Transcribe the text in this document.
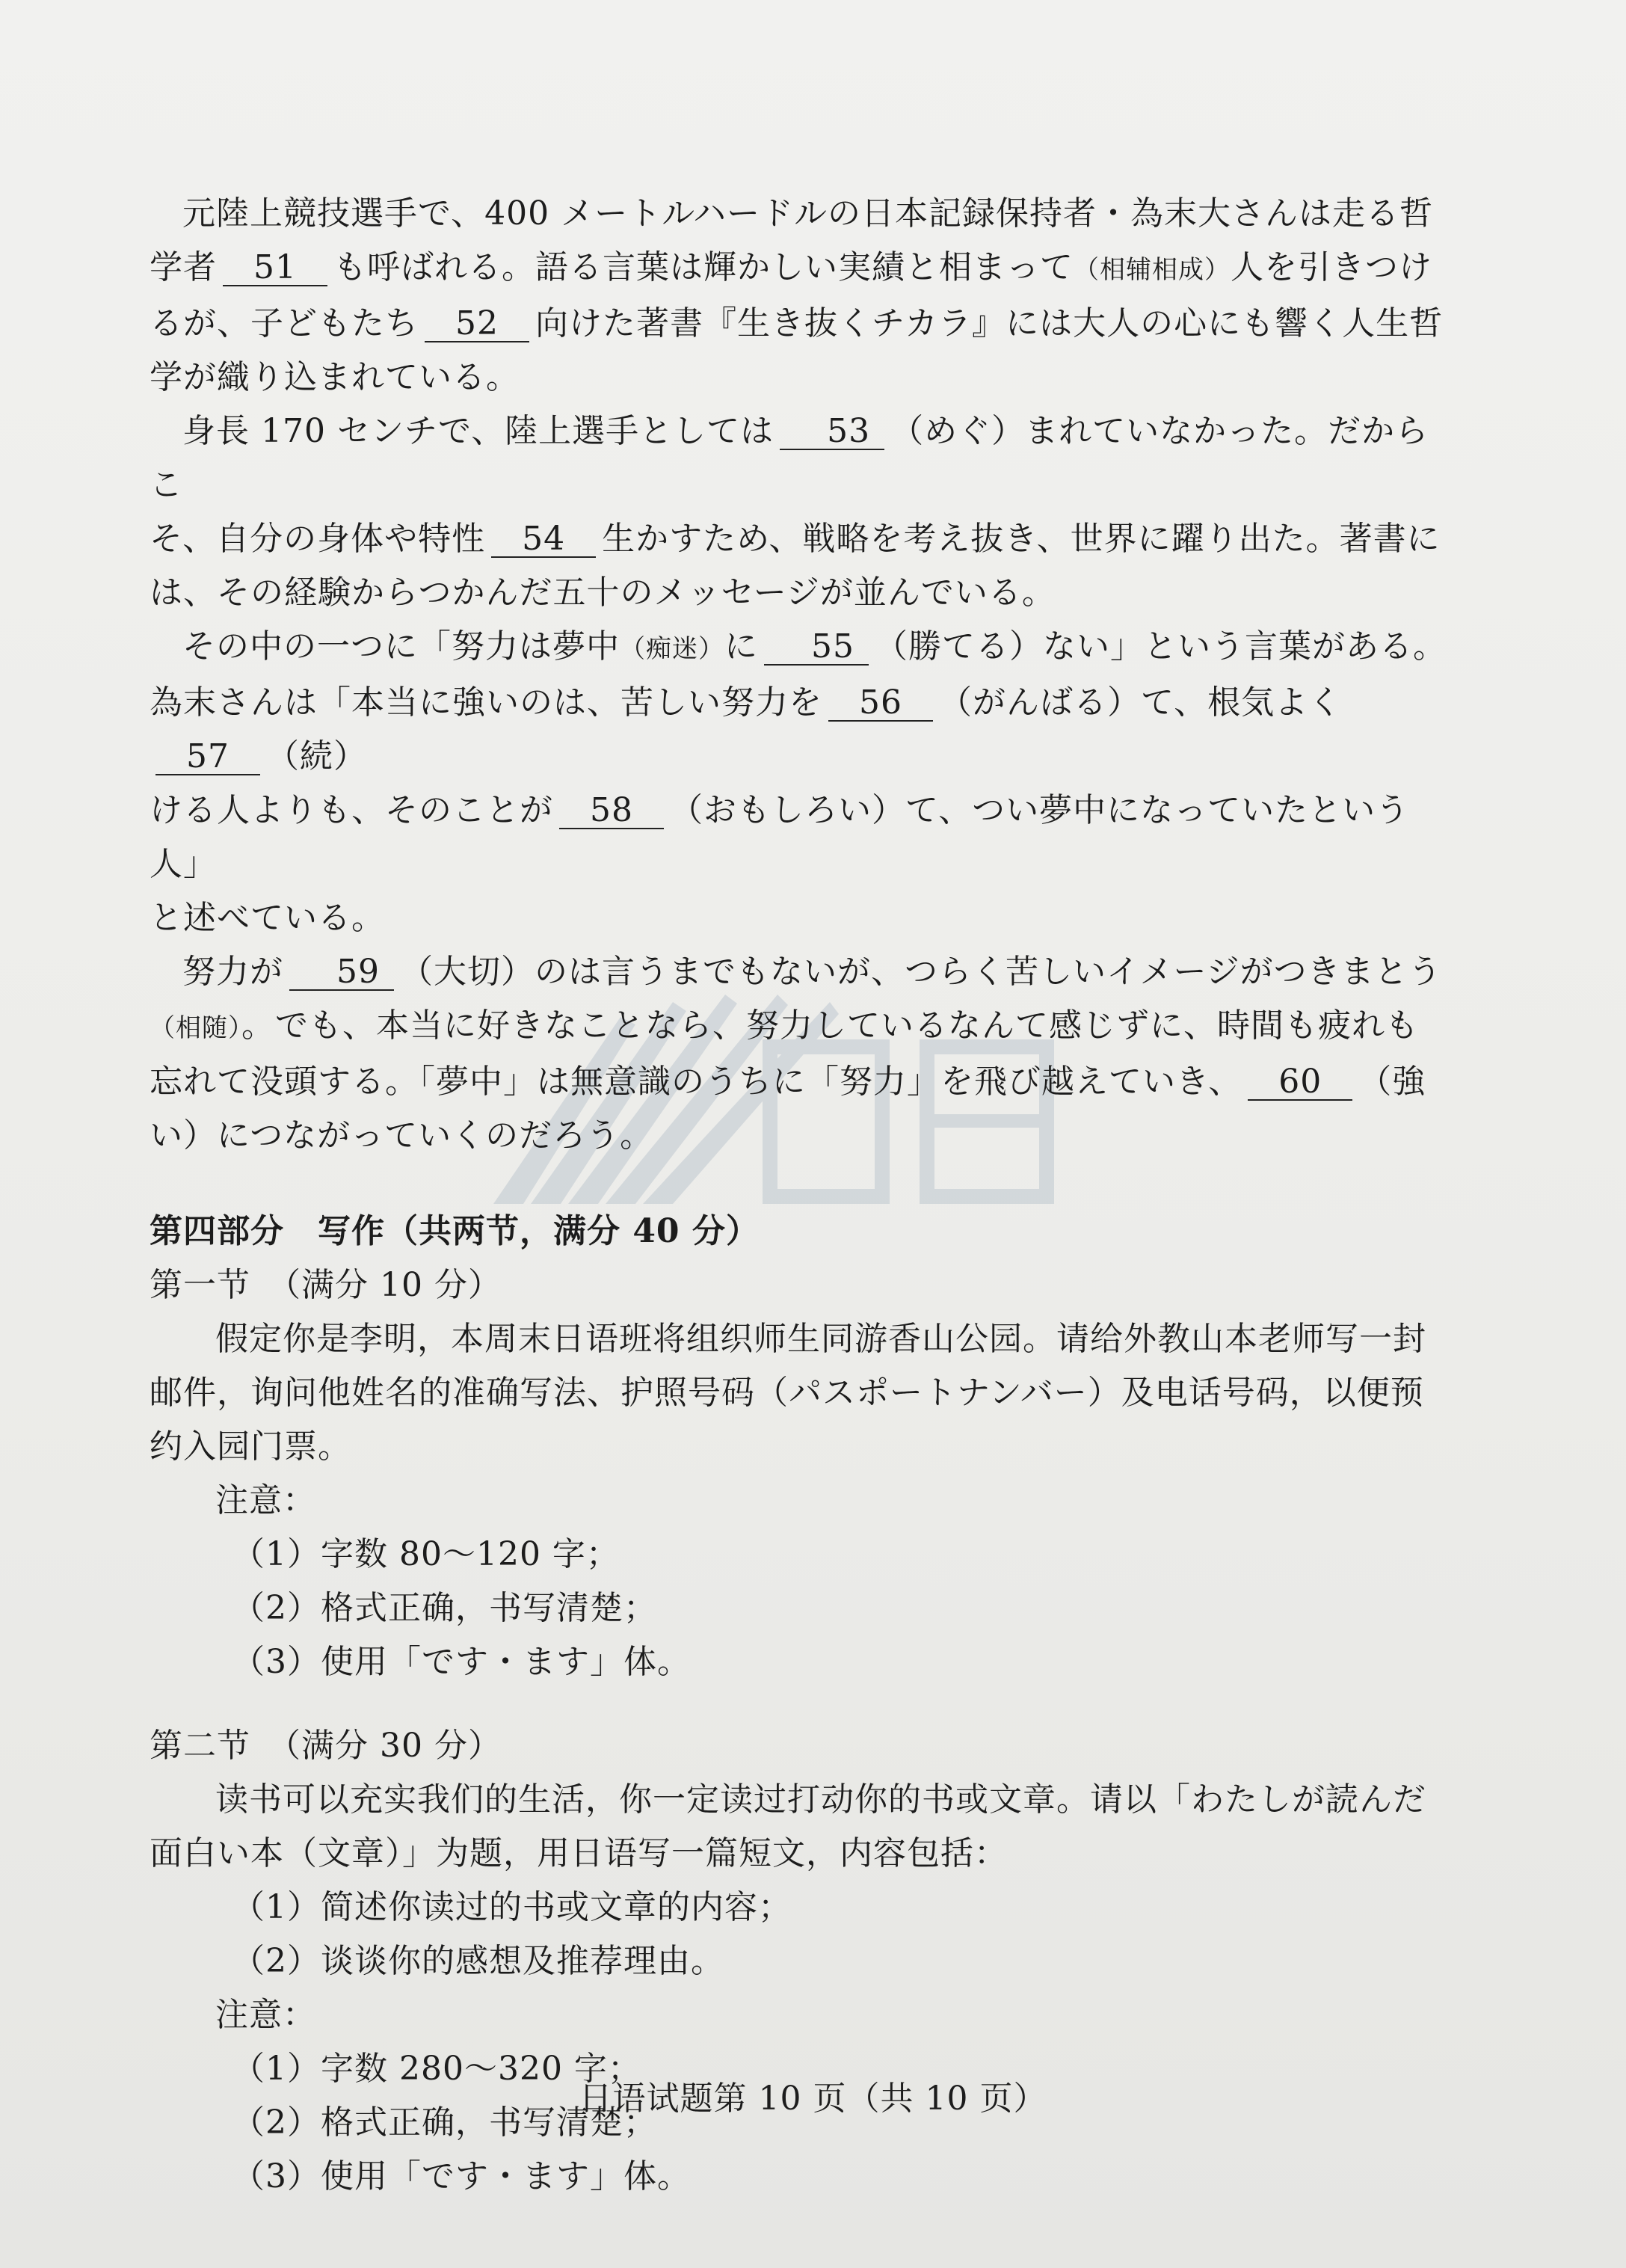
元陸上競技選手で、400 メートルハードルの日本記録保持者・為末大さんは走る哲

学者 51 も呼ばれる。語る言葉は輝かしい実績と相まって（相辅相成）人を引きつけ

るが、子どもたち 52 向けた著書『生き抜くチカラ』には大人の心にも響く人生哲

学が織り込まれている。

身長 170 センチで、陸上選手としては 53 （めぐ）まれていなかった。だからこ

そ、自分の身体や特性 54 生かすため、戦略を考え抜き、世界に躍り出た。著書に

は、その経験からつかんだ五十のメッセージが並んでいる。

その中の一つに「努力は夢中（痴迷）に 55 （勝てる）ない」という言葉がある。

為末さんは「本当に強いのは、苦しい努力を 56 （がんばる）て、根気よく57 （続）

ける人よりも、そのことが 58 （おもしろい）て、つい夢中になっていたという人」

と述べている。

努力が 59 （大切）のは言うまでもないが、つらく苦しいイメージがつきまとう

（相随）。でも、本当に好きなことなら、努力しているなんて感じずに、時間も疲れも

忘れて没頭する。「夢中」は無意識のうちに「努力」を飛び越えていき、 60 （強

い）につながっていくのだろう。

第四部分　写作（共两节，满分 40 分）

第一节　（满分 10 分）

假定你是李明，本周末日语班将组织师生同游香山公园。请给外教山本老师写一封

邮件，询问他姓名的准确写法、护照号码（パスポートナンバー）及电话号码，以便预

约入园门票。

注意：

（1）字数 80～120 字；

（2）格式正确，书写清楚；

（3）使用「です・ます」体。

第二节　（满分 30 分）

读书可以充实我们的生活，你一定读过打动你的书或文章。请以「わたしが読んだ

面白い本（文章）」为题，用日语写一篇短文，内容包括：

（1）简述你读过的书或文章的内容；

（2）谈谈你的感想及推荐理由。

注意：

（1）字数 280～320 字；

（2）格式正确，书写清楚；

（3）使用「です・ます」体。

日语试题第 10 页（共 10 页）
